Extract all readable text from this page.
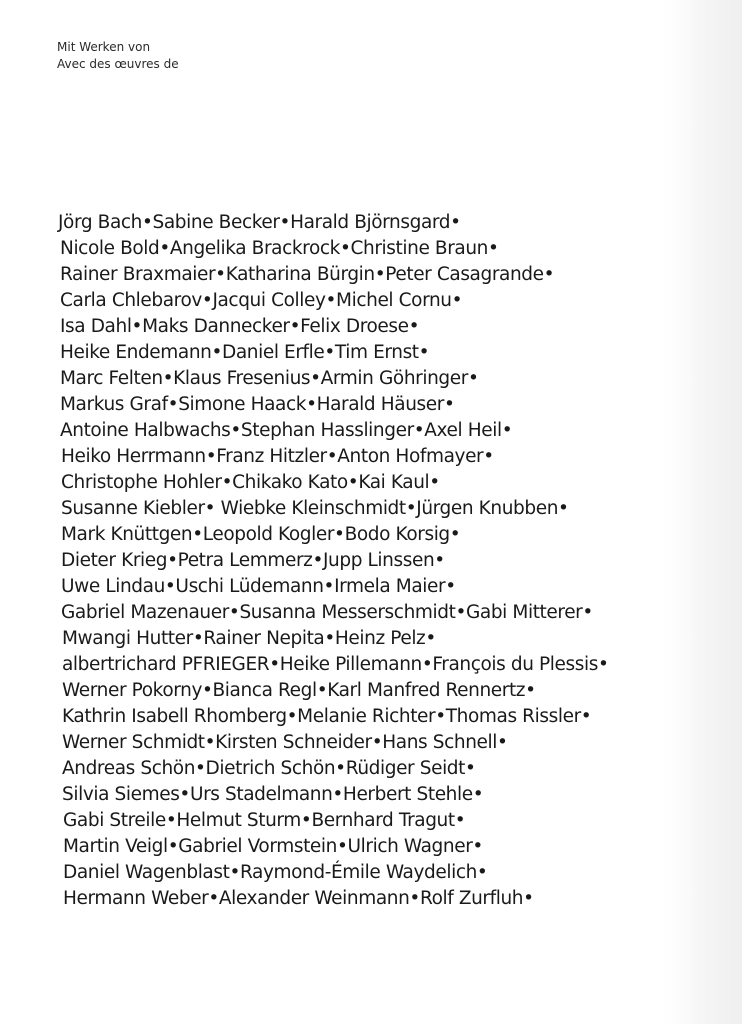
Mit Werken von
Avec des œuvres de
Jörg Bach•Sabine Becker•Harald Björnsgard•
Nicole Bold•Angelika Brackrock•Christine Braun•
Rainer Braxmaier•Katharina Bürgin•Peter Casagrande•
Carla Chlebarov•Jacqui Colley•Michel Cornu•
Isa Dahl•Maks Dannecker•Felix Droese•
Heike Endemann•Daniel Erfle•Tim Ernst•
Marc Felten•Klaus Fresenius•Armin Göhringer•
Markus Graf•Simone Haack•Harald Häuser•
Antoine Halbwachs•Stephan Hasslinger•Axel Heil•
Heiko Herrmann•Franz Hitzler•Anton Hofmayer•
Christophe Hohler•Chikako Kato•Kai Kaul•
Susanne Kiebler• Wiebke Kleinschmidt•Jürgen Knubben•
Mark Knüttgen•Leopold Kogler•Bodo Korsig•
Dieter Krieg•Petra Lemmerz•Jupp Linssen•
Uwe Lindau•Uschi Lüdemann•Irmela Maier•
Gabriel Mazenauer•Susanna Messerschmidt•Gabi Mitterer•
Mwangi Hutter•Rainer Nepita•Heinz Pelz•
albertrichard PFRIEGER•Heike Pillemann•François du Plessis•
Werner Pokorny•Bianca Regl•Karl Manfred Rennertz•
Kathrin Isabell Rhomberg•Melanie Richter•Thomas Rissler•
Werner Schmidt•Kirsten Schneider•Hans Schnell•
Andreas Schön•Dietrich Schön•Rüdiger Seidt•
Silvia Siemes•Urs Stadelmann•Herbert Stehle•
Gabi Streile•Helmut Sturm•Bernhard Tragut•
Martin Veigl•Gabriel Vormstein•Ulrich Wagner•
Daniel Wagenblast•Raymond-Émile Waydelich•
Hermann Weber•Alexander Weinmann•Rolf Zurfluh•
